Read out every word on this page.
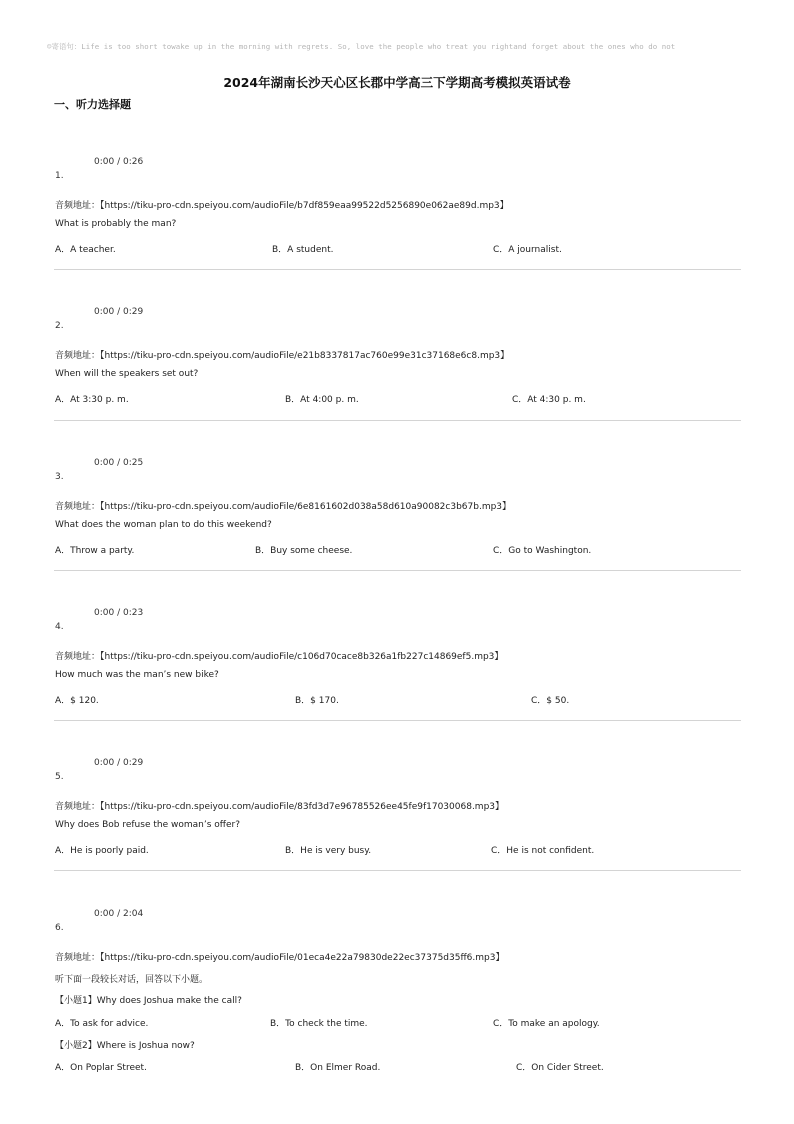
☺寄语句：Life is too short towake up in the morning with regrets. So, love the people who treat you rightand forget about the ones who do not
2024年湖南长沙天心区长郡中学高三下学期高考模拟英语试卷
一、听力选择题
0:00 / 0:26
1.
音频地址：【https://tiku-pro-cdn.speiyou.com/audioFile/b7df859eaa99522d5256890e062ae89d.mp3】
What is probably the man?
A．A teacher.	B．A student.	C．A journalist.
0:00 / 0:29
2.
音频地址：【https://tiku-pro-cdn.speiyou.com/audioFile/e21b8337817ac760e99e31c37168e6c8.mp3】
When will the speakers set out?
A．At 3:30 p. m.	B．At 4:00 p. m.	C．At 4:30 p. m.
0:00 / 0:25
3.
音频地址：【https://tiku-pro-cdn.speiyou.com/audioFile/6e8161602d038a58d610a90082c3b67b.mp3】
What does the woman plan to do this weekend?
A．Throw a party.	B．Buy some cheese.	C．Go to Washington.
0:00 / 0:23
4.
音频地址：【https://tiku-pro-cdn.speiyou.com/audioFile/c106d70cace8b326a1fb227c14869ef5.mp3】
How much was the man’s new bike?
A．$ 120.	B．$ 170.	C．$ 50.
0:00 / 0:29
5.
音频地址：【https://tiku-pro-cdn.speiyou.com/audioFile/83fd3d7e96785526ee45fe9f17030068.mp3】
Why does Bob refuse the woman’s offer?
A．He is poorly paid.	B．He is very busy.	C．He is not confident.
0:00 / 2:04
6.
音频地址：【https://tiku-pro-cdn.speiyou.com/audioFile/01eca4e22a79830de22ec37375d35ff6.mp3】
听下面一段较长对话，回答以下小题。
【小题1】Why does Joshua make the call?
A．To ask for advice.	B．To check the time.	C．To make an apology.
【小题2】Where is Joshua now?
A．On Poplar Street.	B．On Elmer Road.	C．On Cider Street.
